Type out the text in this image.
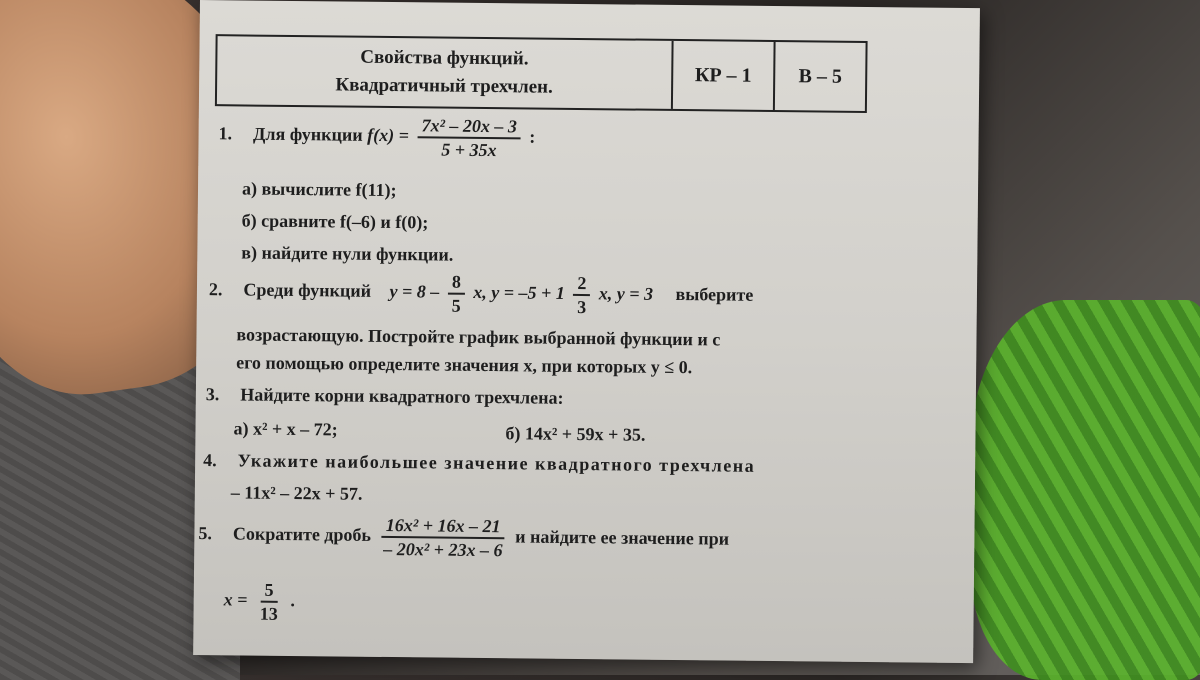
Свойства функций.
Квадратичный трехчлен.	КР – 1 В – 5
1. Для функции $f(x) = \frac{\text{7x² – 20x – 3}}{5 + 35x}$ :
а) вычислите f(11);
б) сравните f(–6) и f(0);
в) найдите нули функции.
2. Среди функций $y = 8 - \frac{8}{5} x$, $y = -5 + 1 \frac{2}{3} x$, y = 3 выберите
возрастающую. Постройте график выбранной функции и с
его помощью определите значения x, при которых y ≤ 0.
3. Найдите корни квадратного трехчлена:
а) x² + x – 72;	б) 14x² + 59x + 35.
4. Укажите наибольшее значение квадратного трехчлена
– 11x² – 22x + 57.
5. Сократите дробь $\frac{\text{16x² + 16x – 21}}{\text{– 20x² + 23x – 6}}$ и найдите ее значение при
$x = \frac{5}{13}$ .
